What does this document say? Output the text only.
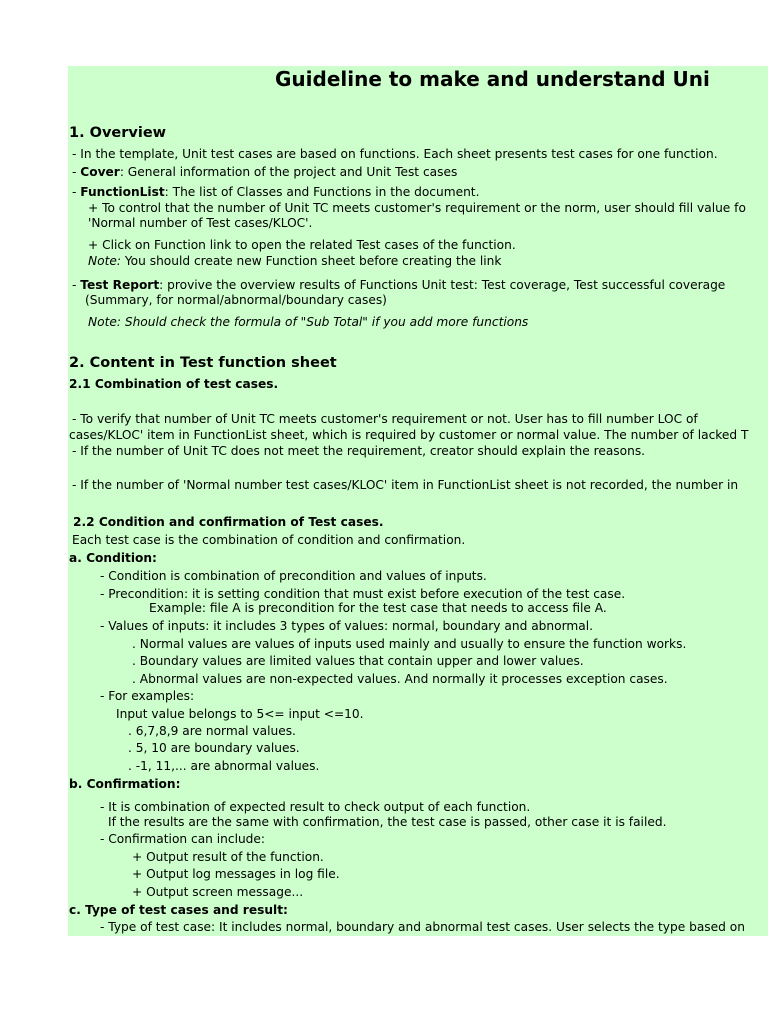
Guideline to make and understand Uni
1. Overview
- In the template, Unit test cases are based on functions. Each sheet presents test cases for one function.
- Cover: General information of the project and Unit Test cases
- FunctionList: The list of Classes and Functions in the document.
+ To control that the number of Unit TC meets customer's requirement or the norm, user should fill value fo
'Normal number of Test cases/KLOC'.
+ Click on Function link to open the related Test cases of the function.
Note: You should create new Function sheet before creating the link
- Test Report: provive the overview results of Functions Unit test: Test coverage, Test successful coverage
(Summary, for normal/abnormal/boundary cases)
Note: Should check the formula of "Sub Total" if you add more functions
2. Content in Test function sheet
2.1 Combination of test cases.
- To verify that number of Unit TC meets customer's requirement or not. User has to fill number LOC of
cases/KLOC' item in FunctionList sheet, which is required by customer or normal value. The number of lacked T
- If the number of Unit TC does not meet the requirement, creator should explain the reasons.
- If the number of 'Normal number test cases/KLOC' item in FunctionList sheet is not recorded, the number in
2.2 Condition and confirmation of Test cases.
Each test case is the combination of condition and confirmation.
a. Condition:
- Condition is combination of precondition and values of inputs.
- Precondition: it is setting condition that must exist before execution of the test case.
Example: file A is precondition for the test case that needs to access file A.
- Values of inputs: it includes 3 types of values: normal, boundary and abnormal.
. Normal values are values of inputs used mainly and usually to ensure the function works.
. Boundary values are limited values that contain upper and lower values.
. Abnormal values are non-expected values. And normally it processes exception cases.
- For examples:
Input value belongs to 5<= input <=10.
. 6,7,8,9 are normal values.
. 5, 10 are boundary values.
. -1, 11,... are abnormal values.
b. Confirmation:
- It is combination of expected result to check output of each function.
If the results are the same with confirmation, the test case is passed, other case it is failed.
- Confirmation can include:
+ Output result of the function.
+ Output log messages in log file.
+ Output screen message...
c. Type of test cases and result:
- Type of test case: It includes normal, boundary and abnormal test cases. User selects the type based on
